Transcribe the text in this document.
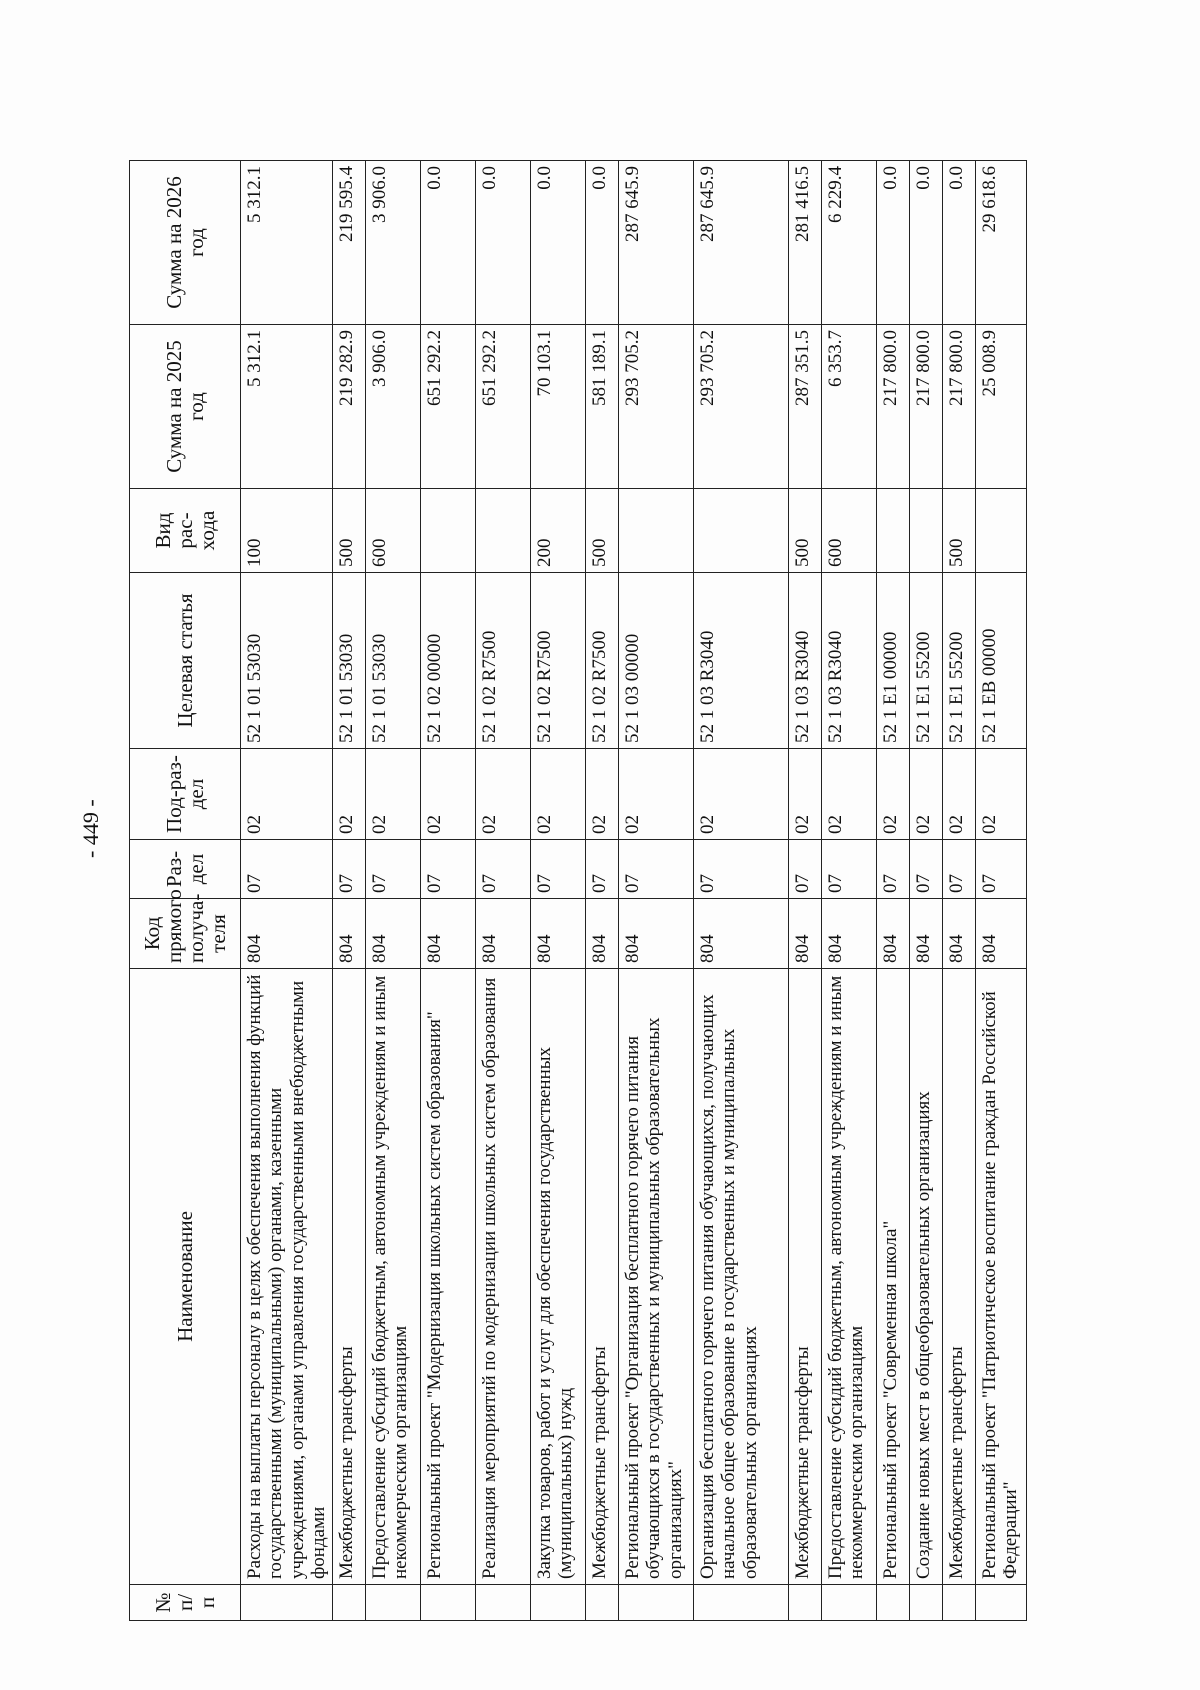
- 449 -
№ п/п	Наименование	Код прямого получа-теля	Раз-дел	Под-раз-дел	Целевая статья	Вид рас-хода	Сумма на 2025 год	Сумма на 2026 год
	Расходы на выплаты персоналу в целях обеспечения выполнения функций государственными (муниципальными) органами, казенными учреждениями, органами управления государственными внебюджетными фондами	804	07	02	52 1 01 53030	100	5 312.1	5 312.1
	Межбюджетные трансферты	804	07	02	52 1 01 53030	500	219 282.9	219 595.4
	Предоставление субсидий бюджетным, автономным учреждениям и иным некоммерческим организациям	804	07	02	52 1 01 53030	600	3 906.0	3 906.0
	Региональный проект "Модернизация школьных систем образования"	804	07	02	52 1 02 00000		651 292.2	0.0
	Реализация мероприятий по модернизации школьных систем образования	804	07	02	52 1 02 R7500		651 292.2	0.0
	Закупка товаров, работ и услуг для обеспечения государственных (муниципальных) нужд	804	07	02	52 1 02 R7500	200	70 103.1	0.0
	Межбюджетные трансферты	804	07	02	52 1 02 R7500	500	581 189.1	0.0
	Региональный проект "Организация бесплатного горячего питания обучающихся в государственных и муниципальных образовательных организациях"	804	07	02	52 1 03 00000		293 705.2	287 645.9
	Организация бесплатного горячего питания обучающихся, получающих начальное общее образование в государственных и муниципальных образовательных организациях	804	07	02	52 1 03 R3040		293 705.2	287 645.9
	Межбюджетные трансферты	804	07	02	52 1 03 R3040	500	287 351.5	281 416.5
	Предоставление субсидий бюджетным, автономным учреждениям и иным некоммерческим организациям	804	07	02	52 1 03 R3040	600	6 353.7	6 229.4
	Региональный проект "Современная школа"	804	07	02	52 1 E1 00000		217 800.0	0.0
	Создание новых мест в общеобразовательных организациях	804	07	02	52 1 E1 55200		217 800.0	0.0
	Межбюджетные трансферты	804	07	02	52 1 E1 55200	500	217 800.0	0.0
	Региональный проект "Патриотическое воспитание граждан Российской Федерации"	804	07	02	52 1 EB 00000		25 008.9	29 618.6
